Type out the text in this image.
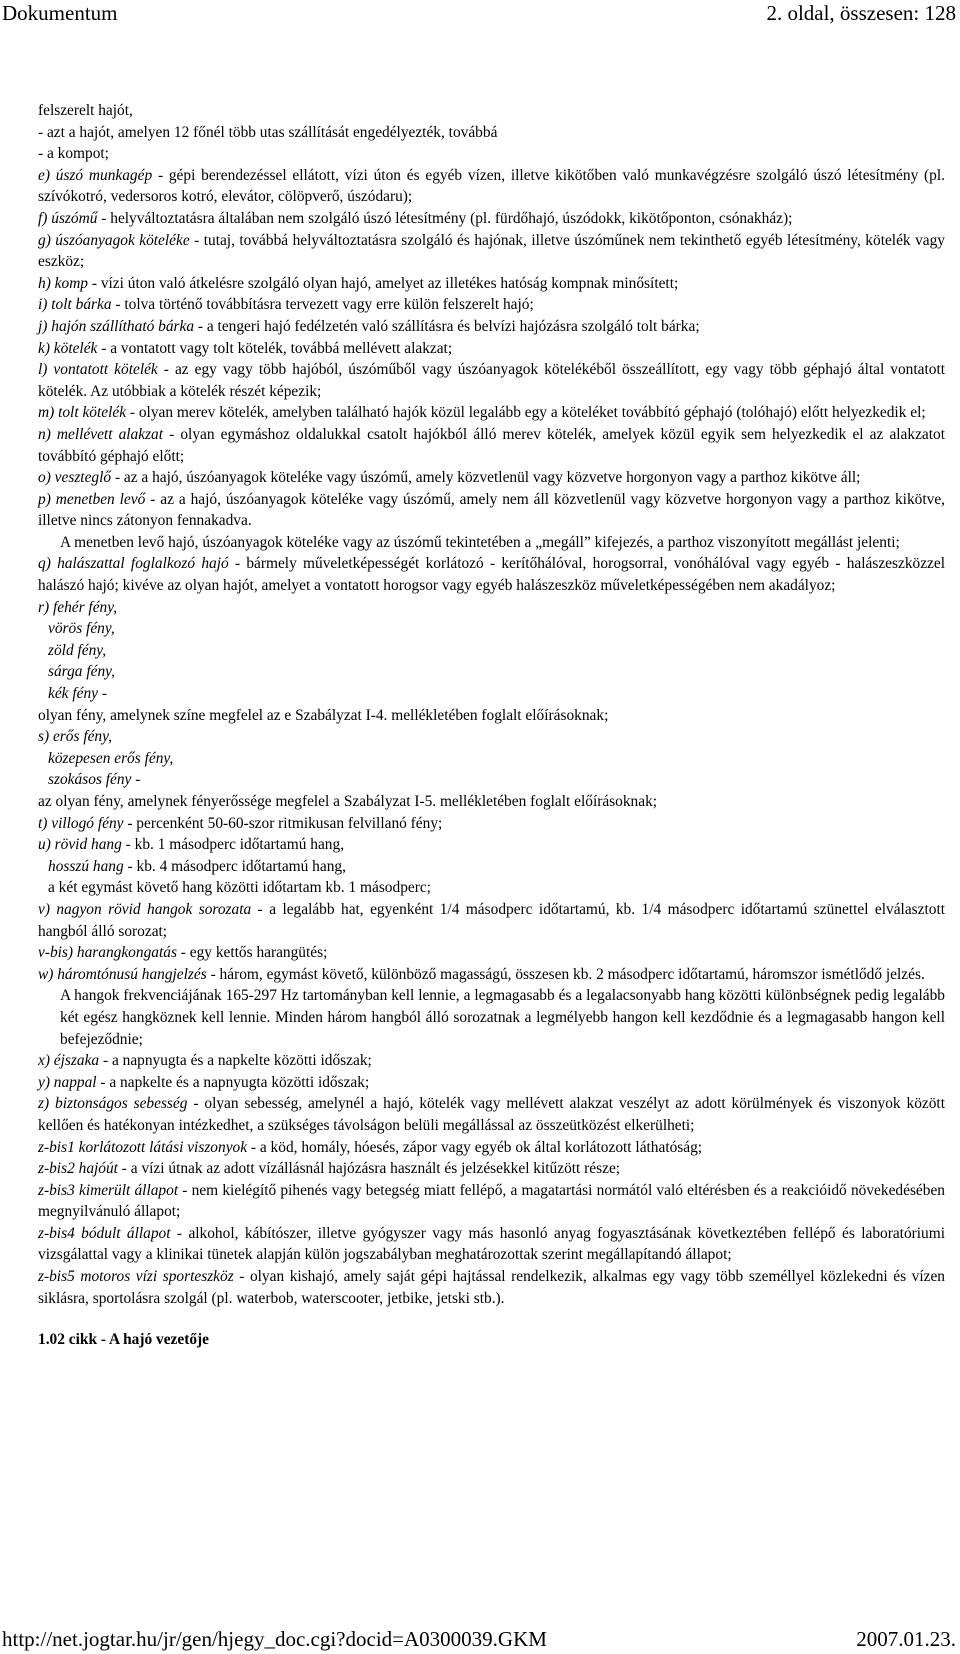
Dokumentum	2. oldal, összesen: 128

felszerelt hajót,

- azt a hajót, amelyen 12 főnél több utas szállítását engedélyezték, továbbá

- a kompot;

e) úszó munkagép - gépi berendezéssel ellátott, vízi úton és egyéb vízen, illetve kikötőben való munkavégzésre szolgáló úszó létesítmény (pl. szívókotró, vedersoros kotró, elevátor, cölöpverő, úszódaru);

f) úszómű - helyváltoztatásra általában nem szolgáló úszó létesítmény (pl. fürdőhajó, úszódokk, kikötőponton, csónakház);

g) úszóanyagok köteléke - tutaj, továbbá helyváltoztatásra szolgáló és hajónak, illetve úszóműnek nem tekinthető egyéb létesítmény, kötelék vagy eszköz;

h) komp - vízi úton való átkelésre szolgáló olyan hajó, amelyet az illetékes hatóság kompnak minősített;

i) tolt bárka - tolva történő továbbításra tervezett vagy erre külön felszerelt hajó;

j) hajón szállítható bárka - a tengeri hajó fedélzetén való szállításra és belvízi hajózásra szolgáló tolt bárka;

k) kötelék - a vontatott vagy tolt kötelék, továbbá mellévett alakzat;

l) vontatott kötelék - az egy vagy több hajóból, úszóműből vagy úszóanyagok kötelékéből összeállított, egy vagy több géphajó által vontatott kötelék. Az utóbbiak a kötelék részét képezik;

m) tolt kötelék - olyan merev kötelék, amelyben található hajók közül legalább egy a köteléket továbbító géphajó (tolóhajó) előtt helyezkedik el;

n) mellévett alakzat - olyan egymáshoz oldalukkal csatolt hajókból álló merev kötelék, amelyek közül egyik sem helyezkedik el az alakzatot továbbító géphajó előtt;

o) veszteglő - az a hajó, úszóanyagok köteléke vagy úszómű, amely közvetlenül vagy közvetve horgonyon vagy a parthoz kikötve áll;

p) menetben levő - az a hajó, úszóanyagok köteléke vagy úszómű, amely nem áll közvetlenül vagy közvetve horgonyon vagy a parthoz kikötve, illetve nincs zátonyon fennakadva.

A menetben levő hajó, úszóanyagok köteléke vagy az úszómű tekintetében a „megáll” kifejezés, a parthoz viszonyított megállást jelenti;

q) halászattal foglalkozó hajó - bármely műveletképességét korlátozó - kerítőhálóval, horogsorral, vonóhálóval vagy egyéb - halászeszközzel halászó hajó; kivéve az olyan hajót, amelyet a vontatott horogsor vagy egyéb halászeszköz műveletképességében nem akadályoz;

r) fehér fény,

vörös fény,

zöld fény,

sárga fény,

kék fény -

olyan fény, amelynek színe megfelel az e Szabályzat I-4. mellékletében foglalt előírásoknak;

s) erős fény,

közepesen erős fény,

szokásos fény -

az olyan fény, amelynek fényerőssége megfelel a Szabályzat I-5. mellékletében foglalt előírásoknak;

t) villogó fény - percenként 50-60-szor ritmikusan felvillanó fény;

u) rövid hang - kb. 1 másodperc időtartamú hang,

hosszú hang - kb. 4 másodperc időtartamú hang,

a két egymást követő hang közötti időtartam kb. 1 másodperc;

v) nagyon rövid hangok sorozata - a legalább hat, egyenként 1/4 másodperc időtartamú, kb. 1/4 másodperc időtartamú szünettel elválasztott hangból álló sorozat;

v-bis) harangkongatás - egy kettős harangütés;

w) háromtónusú hangjelzés - három, egymást követő, különböző magasságú, összesen kb. 2 másodperc időtartamú, háromszor ismétlődő jelzés.

A hangok frekvenciájának 165-297 Hz tartományban kell lennie, a legmagasabb és a legalacsonyabb hang közötti különbségnek pedig legalább két egész hangköznek kell lennie. Minden három hangból álló sorozatnak a legmélyebb hangon kell kezdődnie és a legmagasabb hangon kell befejeződnie;

x) éjszaka - a napnyugta és a napkelte közötti időszak;

y) nappal - a napkelte és a napnyugta közötti időszak;

z) biztonságos sebesség - olyan sebesség, amelynél a hajó, kötelék vagy mellévett alakzat veszélyt az adott körülmények és viszonyok között kellően és hatékonyan intézkedhet, a szükséges távolságon belüli megállással az összeütközést elkerülheti;

z-bis1 korlátozott látási viszonyok - a köd, homály, hóesés, zápor vagy egyéb ok által korlátozott láthatóság;

z-bis2 hajóút - a vízi útnak az adott vízállásnál hajózásra használt és jelzésekkel kitűzött része;

z-bis3 kimerült állapot - nem kielégítő pihenés vagy betegség miatt fellépő, a magatartási normától való eltérésben és a reakcióidő növekedésében megnyilvánuló állapot;

z-bis4 bódult állapot - alkohol, kábítószer, illetve gyógyszer vagy más hasonló anyag fogyasztásának következtében fellépő és laboratóriumi vizsgálattal vagy a klinikai tünetek alapján külön jogszabályban meghatározottak szerint megállapítandó állapot;

z-bis5 motoros vízi sporteszköz - olyan kishajó, amely saját gépi hajtással rendelkezik, alkalmas egy vagy több személlyel közlekedni és vízen siklásra, sportolásra szolgál (pl. waterbob, waterscooter, jetbike, jetski stb.).

1.02 cikk - A hajó vezetője

http://net.jogtar.hu/jr/gen/hjegy_doc.cgi?docid=A0300039.GKM	2007.01.23.
